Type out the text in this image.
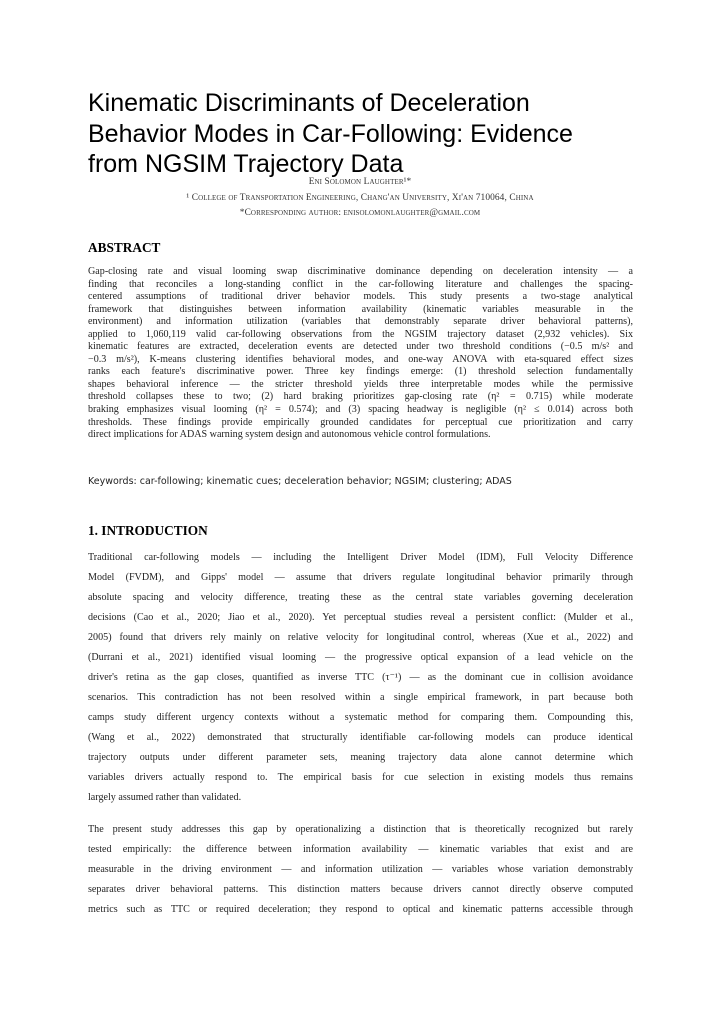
Kinematic Discriminants of Deceleration
Behavior Modes in Car-Following: Evidence
from NGSIM Trajectory Data
Eni Solomon Laughter¹*
¹ College of Transportation Engineering, Chang'an University, Xi'an 710064, China
*Corresponding author: enisolomonlaughter@gmail.com
ABSTRACT
Gap-closing rate and visual looming swap discriminative dominance depending on deceleration intensity — a
finding that reconciles a long-standing conflict in the car-following literature and challenges the spacing-
centered assumptions of traditional driver behavior models. This study presents a two-stage analytical
framework that distinguishes between information availability (kinematic variables measurable in the
environment) and information utilization (variables that demonstrably separate driver behavioral patterns),
applied to 1,060,119 valid car-following observations from the NGSIM trajectory dataset (2,932 vehicles). Six
kinematic features are extracted, deceleration events are detected under two threshold conditions (−0.5 m/s² and
−0.3 m/s²), K-means clustering identifies behavioral modes, and one-way ANOVA with eta-squared effect sizes
ranks each feature's discriminative power. Three key findings emerge: (1) threshold selection fundamentally
shapes behavioral inference — the stricter threshold yields three interpretable modes while the permissive
threshold collapses these to two; (2) hard braking prioritizes gap-closing rate (η² = 0.715) while moderate
braking emphasizes visual looming (η² = 0.574); and (3) spacing headway is negligible (η² ≤ 0.014) across both
thresholds. These findings provide empirically grounded candidates for perceptual cue prioritization and carry
direct implications for ADAS warning system design and autonomous vehicle control formulations.
Keywords: car-following; kinematic cues; deceleration behavior; NGSIM; clustering; ADAS
1. INTRODUCTION
Traditional car-following models — including the Intelligent Driver Model (IDM), Full Velocity Difference
Model (FVDM), and Gipps' model — assume that drivers regulate longitudinal behavior primarily through
absolute spacing and velocity difference, treating these as the central state variables governing deceleration
decisions (Cao et al., 2020; Jiao et al., 2020). Yet perceptual studies reveal a persistent conflict: (Mulder et al.,
2005) found that drivers rely mainly on relative velocity for longitudinal control, whereas (Xue et al., 2022) and
(Durrani et al., 2021) identified visual looming — the progressive optical expansion of a lead vehicle on the
driver's retina as the gap closes, quantified as inverse TTC (τ⁻¹) — as the dominant cue in collision avoidance
scenarios. This contradiction has not been resolved within a single empirical framework, in part because both
camps study different urgency contexts without a systematic method for comparing them. Compounding this,
(Wang et al., 2022) demonstrated that structurally identifiable car-following models can produce identical
trajectory outputs under different parameter sets, meaning trajectory data alone cannot determine which
variables drivers actually respond to. The empirical basis for cue selection in existing models thus remains
largely assumed rather than validated.
The present study addresses this gap by operationalizing a distinction that is theoretically recognized but rarely
tested empirically: the difference between information availability — kinematic variables that exist and are
measurable in the driving environment — and information utilization — variables whose variation demonstrably
separates driver behavioral patterns. This distinction matters because drivers cannot directly observe computed
metrics such as TTC or required deceleration; they respond to optical and kinematic patterns accessible through
